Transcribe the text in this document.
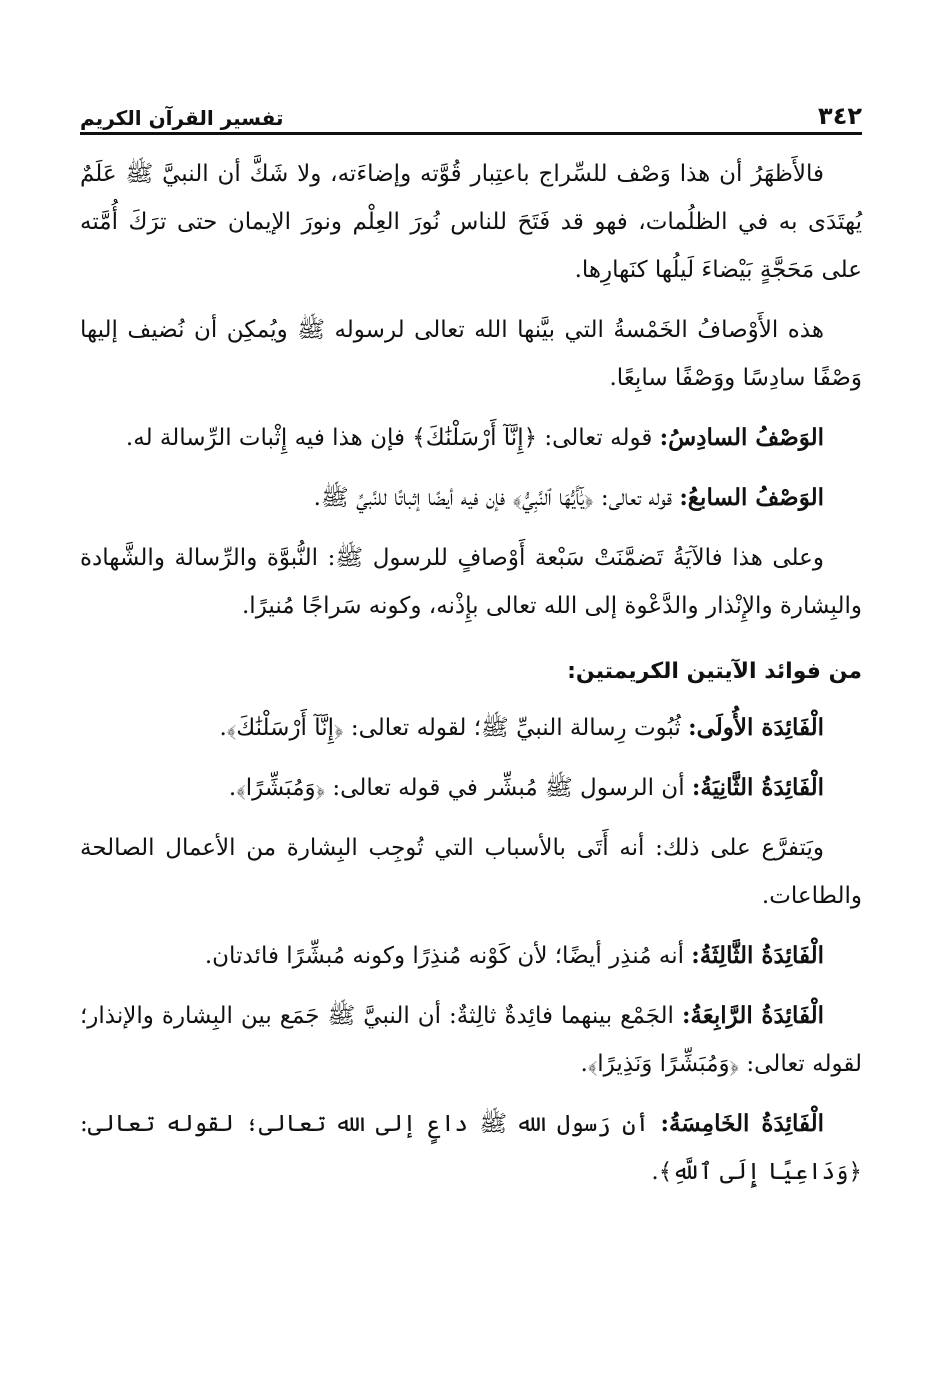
٣٤٢
تفسير القرآن الكريم

فالأَظهَرُ أن هذا وَصْف للسِّراج باعتِبار قُوَّته وإضاءَته، ولا شَكَّ أن النبيَّ ﷺ عَلَمٌ يُهتَدَى به في الظلُمات، فهو قد فَتَحَ للناس نُورَ العِلْم ونورَ الإيمان حتى ترَكَ أُمَّته على مَحَجَّةٍ بَيْضاءَ لَيلُها كنَهارِها.

هذه الأَوْصافُ الخَمْسةُ التي بيَّنها الله تعالى لرسوله ﷺ ويُمكِن أن نُضيف إليها وَصْفًا سادِسًا ووَصْفًا سابِعًا.

الوَصْفُ السادِسُ: قوله تعالى: ﴿إِنَّآ أَرْسَلْنَٰكَ﴾ فإن هذا فيه إِثْبات الرِّسالة له.

الوَصْفُ السابعُ: قوله تعالى: ﴿يَٰٓأَيُّهَا ٱلنَّبِيُّ﴾ فإن فيه أيضًا إثباتًا للنَّبيِّ ﷺ.

وعلى هذا فالآيَةُ تَضمَّنَتْ سَبْعة أَوْصافٍ للرسول ﷺ: النُّبوَّة والرِّسالة والشَّهادة والبِشارة والإِنْذار والدَّعْوة إلى الله تعالى بإِذْنه، وكونه سَراجًا مُنيرًا.

من فوائد الآيتين الكريمتين:

الْفَائِدَة الأُولَى: ثُبُوت رِسالة النبيِّ ﷺ؛ لقوله تعالى: ﴿إِنَّآ أَرْسَلْنَٰكَ﴾.

الْفَائِدَةُ الثَّانِيَةُ: أن الرسول ﷺ مُبشِّر في قوله تعالى: ﴿وَمُبَشِّرًا﴾.

ويَتفرَّع على ذلك: أنه أَتَى بالأسباب التي تُوجِب البِشارة من الأعمال الصالحة والطاعات.

الْفَائِدَةُ الثَّالِثَةُ: أنه مُنذِر أيضًا؛ لأن كَوْنه مُنذِرًا وكونه مُبشِّرًا فائدتان.

الْفَائِدَةُ الرَّابِعَةُ: الجَمْع بينهما فائِدةٌ ثالِثةٌ: أن النبيَّ ﷺ جَمَع بين البِشارة والإنذار؛ لقوله تعالى: ﴿وَمُبَشِّرًا وَنَذِيرًا﴾.

الْفَائِدَةُ الخَامِسَةُ: أن رَسول الله ﷺ داعٍ إلى الله تعالى؛ لقوله تعالى: ﴿وَدَاعِيًا إِلَى ٱللَّهِ﴾.
